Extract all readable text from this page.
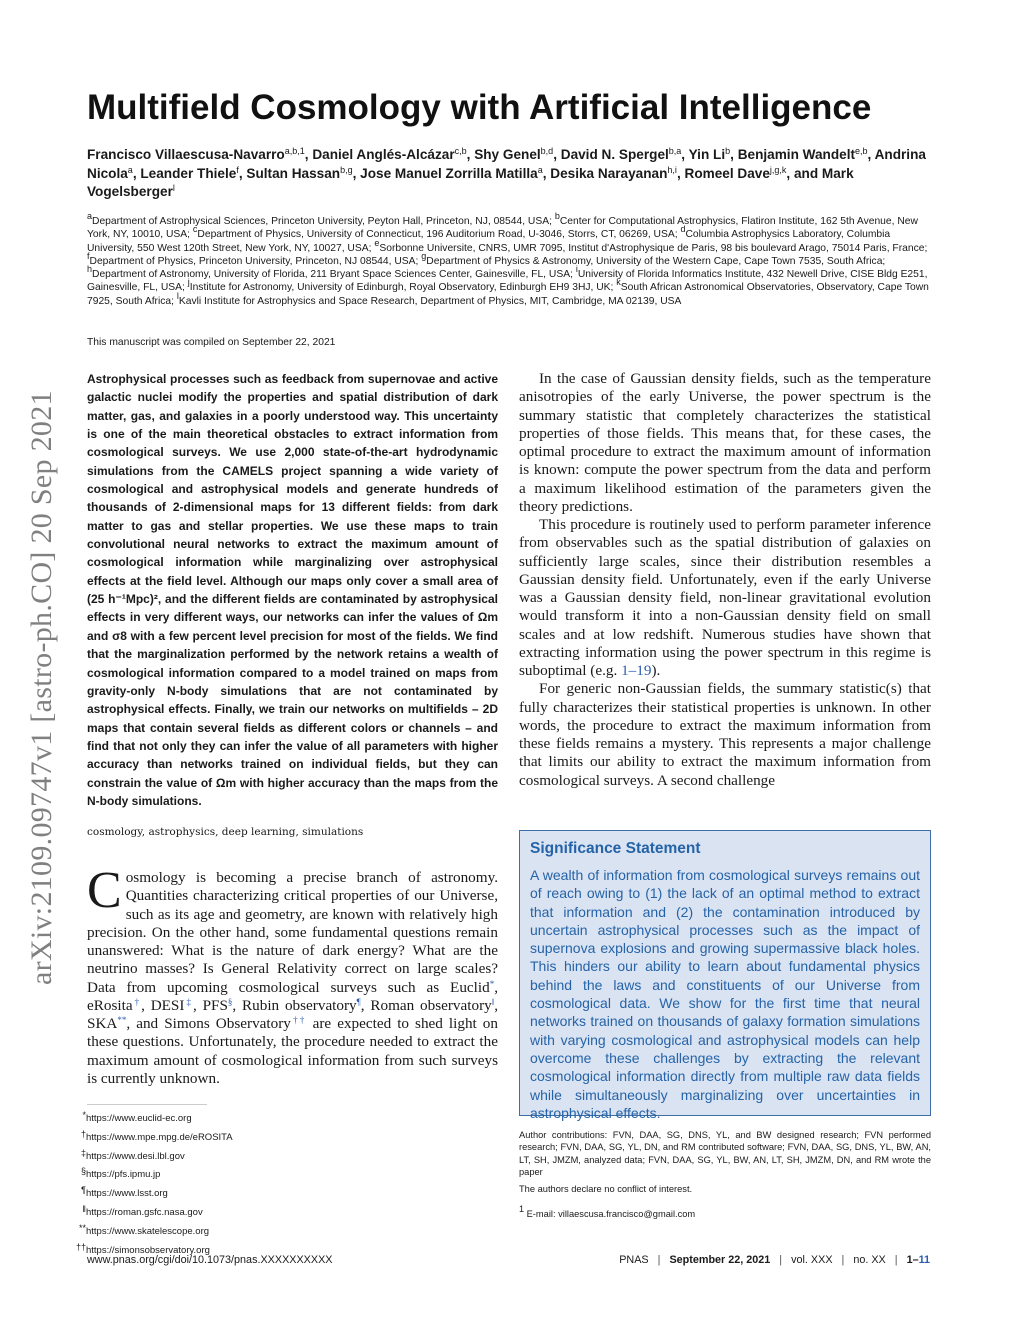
arXiv:2109.09747v1 [astro-ph.CO] 20 Sep 2021
Multifield Cosmology with Artificial Intelligence
Francisco Villaescusa-Navarro$^{a,b,1}$, Daniel Anglés-Alcázar$^{c,b}$, Shy Genel$^{b,d}$, David N. Spergel$^{b,a}$, Yin Li$^b$, Benjamin Wandelt$^{e,b}$, Andrina Nicola$^a$, Leander Thiele$^f$, Sultan Hassan$^{b,g}$, Jose Manuel Zorrilla Matilla$^a$, Desika Narayanan$^{h,i}$, Romeel Dave$^{j,g,k}$, and Mark Vogelsberger$^l$
$^a$Department of Astrophysical Sciences, Princeton University, Peyton Hall, Princeton, NJ, 08544, USA; $^b$Center for Computational Astrophysics, Flatiron Institute, 162 5th Avenue, New York, NY, 10010, USA; $^c$Department of Physics, University of Connecticut, 196 Auditorium Road, U-3046, Storrs, CT, 06269, USA; $^d$Columbia Astrophysics Laboratory, Columbia University, 550 West 120th Street, New York, NY, 10027, USA; $^e$Sorbonne Universite, CNRS, UMR 7095, Institut d'Astrophysique de Paris, 98 bis boulevard Arago, 75014 Paris, France; $^f$Department of Physics, Princeton University, Princeton, NJ 08544, USA; $^g$Department of Physics & Astronomy, University of the Western Cape, Cape Town 7535, South Africa; $^h$Department of Astronomy, University of Florida, 211 Bryant Space Sciences Center, Gainesville, FL, USA; $^i$University of Florida Informatics Institute, 432 Newell Drive, CISE Bldg E251, Gainesville, FL, USA; $^j$Institute for Astronomy, University of Edinburgh, Royal Observatory, Edinburgh EH9 3HJ, UK; $^k$South African Astronomical Observatories, Observatory, Cape Town 7925, South Africa; $^l$Kavli Institute for Astrophysics and Space Research, Department of Physics, MIT, Cambridge, MA 02139, USA
This manuscript was compiled on September 22, 2021
Astrophysical processes such as feedback from supernovae and active galactic nuclei modify the properties and spatial distribution of dark matter, gas, and galaxies in a poorly understood way. This uncertainty is one of the main theoretical obstacles to extract information from cosmological surveys. We use 2,000 state-of-the-art hydrodynamic simulations from the CAMELS project spanning a wide variety of cosmological and astrophysical models and generate hundreds of thousands of 2-dimensional maps for 13 different fields: from dark matter to gas and stellar properties. We use these maps to train convolutional neural networks to extract the maximum amount of cosmological information while marginalizing over astrophysical effects at the field level. Although our maps only cover a small area of (25 h⁻¹Mpc)², and the different fields are contaminated by astrophysical effects in very different ways, our networks can infer the values of Ωm and σ8 with a few percent level precision for most of the fields. We find that the marginalization performed by the network retains a wealth of cosmological information compared to a model trained on maps from gravity-only N-body simulations that are not contaminated by astrophysical effects. Finally, we train our networks on multifields – 2D maps that contain several fields as different colors or channels – and find that not only they can infer the value of all parameters with higher accuracy than networks trained on individual fields, but they can constrain the value of Ωm with higher accuracy than the maps from the N-body simulations.
cosmology, astrophysics, deep learning, simulations
Cosmology is becoming a precise branch of astronomy. Quantities characterizing critical properties of our Universe, such as its age and geometry, are known with relatively high precision. On the other hand, some fundamental questions remain unanswered: What is the nature of dark energy? What are the neutrino masses? Is General Relativity correct on large scales? Data from upcoming cosmological surveys such as Euclid*, eRosita†, DESI‡, PFS§, Rubin observatory¶, Roman observatory‖, SKA**, and Simons Observatory†† are expected to shed light on these questions. Unfortunately, the procedure needed to extract the maximum amount of cosmological information from such surveys is currently unknown.

In the case of Gaussian density fields, such as the temperature anisotropies of the early Universe, the power spectrum is the summary statistic that completely characterizes the statistical properties of those fields. This means that, for these cases, the optimal procedure to extract the maximum amount of information is known: compute the power spectrum from the data and perform a maximum likelihood estimation of the parameters given the theory predictions.

This procedure is routinely used to perform parameter inference from observables such as the spatial distribution of galaxies on sufficiently large scales, since their distribution resembles a Gaussian density field. Unfortunately, even if the early Universe was a Gaussian density field, non-linear gravitational evolution would transform it into a non-Gaussian density field on small scales and at low redshift. Numerous studies have shown that extracting information using the power spectrum in this regime is suboptimal (e.g. 1–19).

For generic non-Gaussian fields, the summary statistic(s) that fully characterizes their statistical properties is unknown. In other words, the procedure to extract the maximum information from these fields remains a mystery. This represents a major challenge that limits our ability to extract the maximum information from cosmological surveys. A second challenge

Significance Statement

A wealth of information from cosmological surveys remains out of reach owing to (1) the lack of an optimal method to extract that information and (2) the contamination introduced by uncertain astrophysical processes such as the impact of supernova explosions and growing supermassive black holes. This hinders our ability to learn about fundamental physics behind the laws and constituents of our Universe from cosmological data. We show for the first time that neural networks trained on thousands of galaxy formation simulations with varying cosmological and astrophysical models can help overcome these challenges by extracting the relevant cosmological information directly from multiple raw data fields while simultaneously marginalizing over uncertainties in astrophysical effects.

*https://www.euclid-ec.org
†https://www.mpe.mpg.de/eROSITA
‡https://www.desi.lbl.gov
§https://pfs.ipmu.jp
¶https://www.lsst.org
‖https://roman.gsfc.nasa.gov
**https://www.skatelescope.org
††https://simonsobservatory.org
Author contributions: FVN, DAA, SG, DNS, YL, and BW designed research; FVN performed research; FVN, DAA, SG, YL, DN, and RM contributed software; FVN, DAA, SG, DNS, YL, BW, AN, LT, SH, JMZM, analyzed data; FVN, DAA, SG, YL, BW, AN, LT, SH, JMZM, DN, and RM wrote the paper
The authors declare no conflict of interest.
$^1$ E-mail: villaescusa.francisco@gmail.com
www.pnas.org/cgi/doi/10.1073/pnas.XXXXXXXXXX	PNAS | September 22, 2021 | vol. XXX | no. XX | 1–11
